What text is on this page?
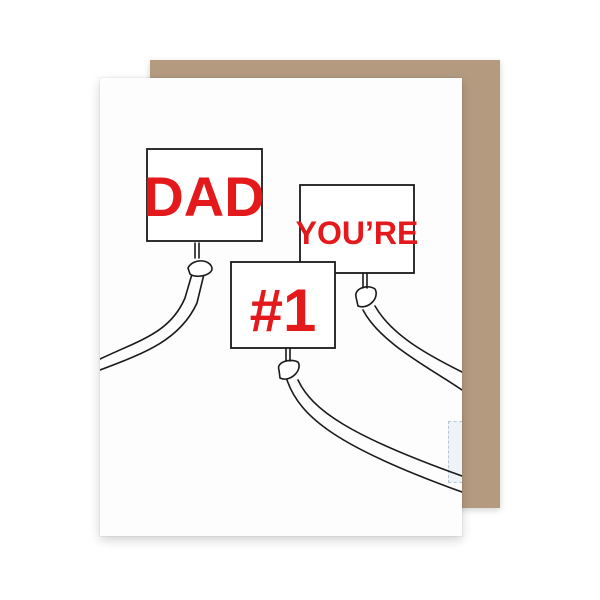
DAD
YOU’RE
#1
